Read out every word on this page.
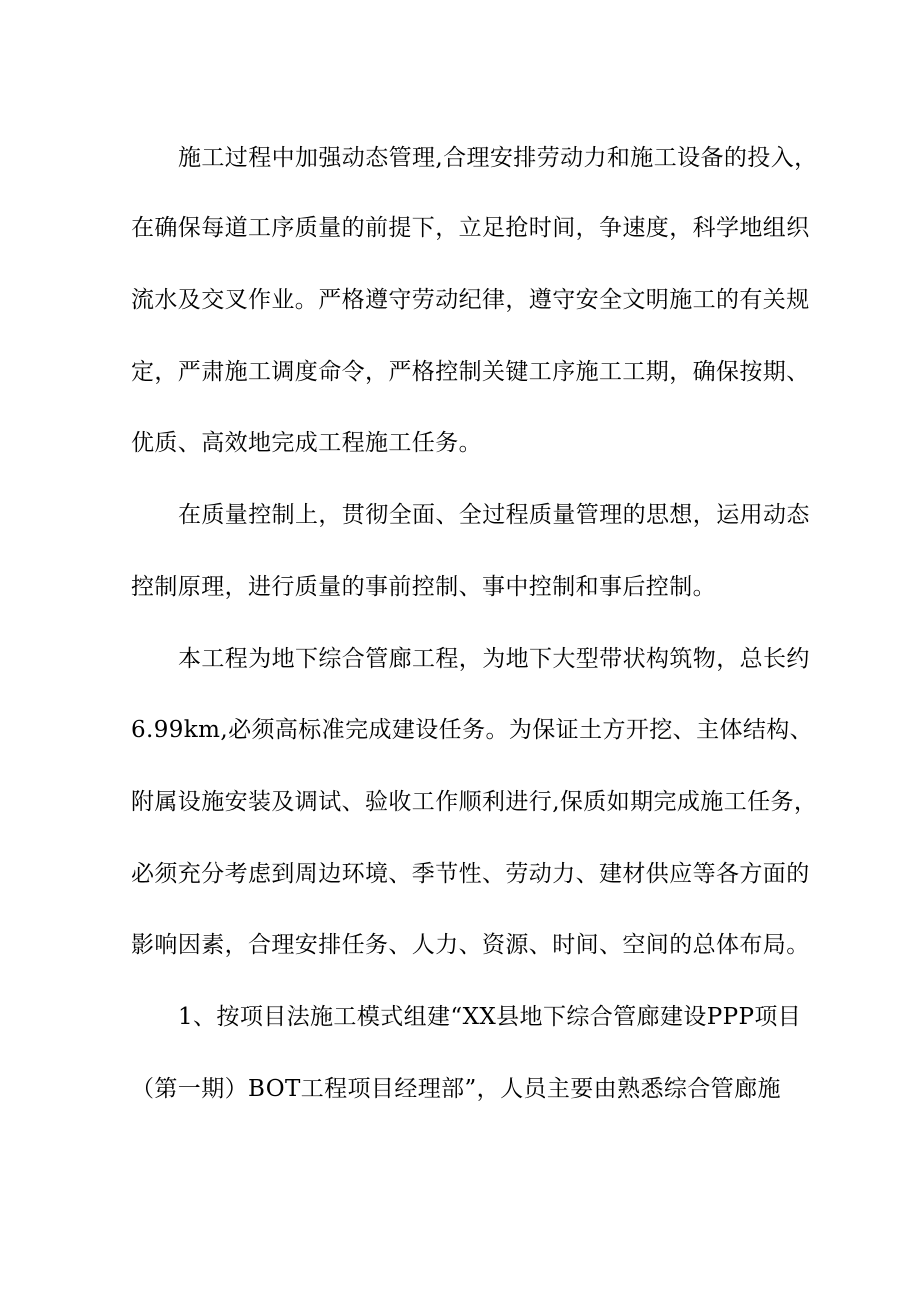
施工过程中加强动态管理,合理安排劳动力和施工设备的投入，
在确保每道工序质量的前提下，立足抢时间，争速度，科学地组织
流水及交叉作业。严格遵守劳动纪律，遵守安全文明施工的有关规
定，严肃施工调度命令，严格控制关键工序施工工期，确保按期、
优质、高效地完成工程施工任务。
在质量控制上，贯彻全面、全过程质量管理的思想，运用动态
控制原理，进行质量的事前控制、事中控制和事后控制。
本工程为地下综合管廊工程，为地下大型带状构筑物，总长约
6.99km,必须高标准完成建设任务。为保证土方开挖、主体结构、
附属设施安装及调试、验收工作顺利进行,保质如期完成施工任务，
必须充分考虑到周边环境、季节性、劳动力、建材供应等各方面的
影响因素，合理安排任务、人力、资源、时间、空间的总体布局。
1、按项目法施工模式组建“XX县地下综合管廊建设PPP项目
（第一期）BOT工程项目经理部”，人员主要由熟悉综合管廊施
